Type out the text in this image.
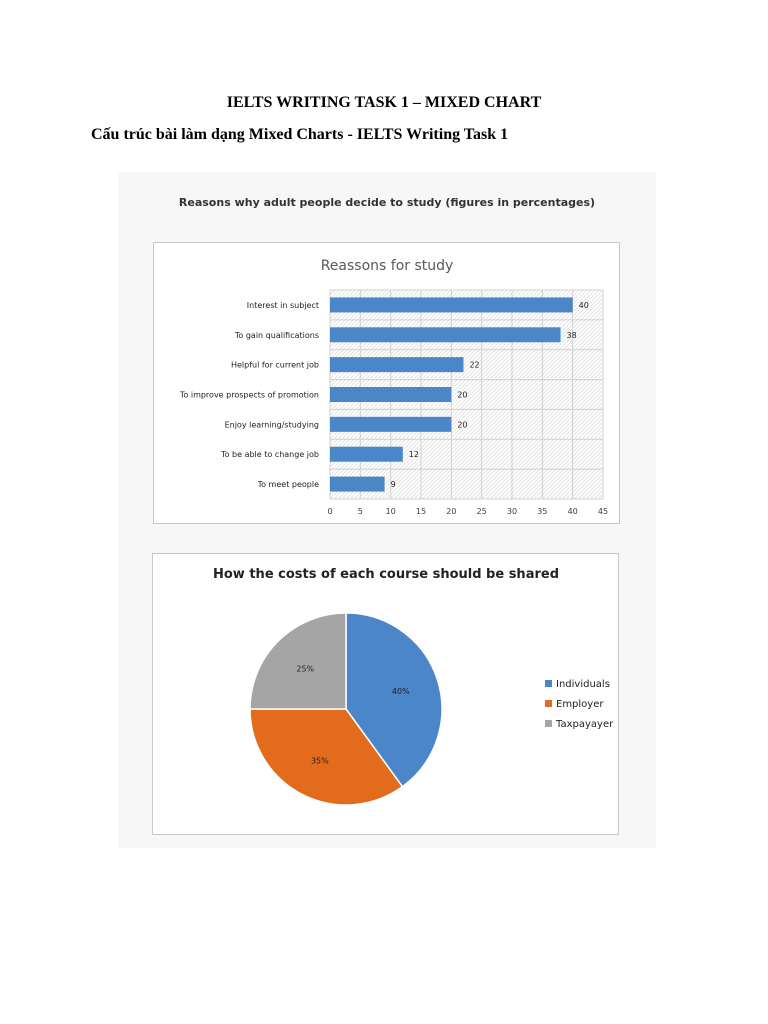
IELTS WRITING TASK 1 – MIXED CHART
Cấu trúc bài làm dạng Mixed Charts - IELTS Writing Task 1
Reasons why adult people decide to study (figures in percentages)
Reassons for study
0	5	10	15	20	25	30	35	40	45
Interest in subject	40
To gain qualifications	38
Helpful for current job	22
To improve prospects of promotion	20
Enjoy learning/studying	20
To be able to change job	12
To meet people	9
How the costs of each course should be shared
40%
35%
25%
Individuals
Employer
Taxpayayer
